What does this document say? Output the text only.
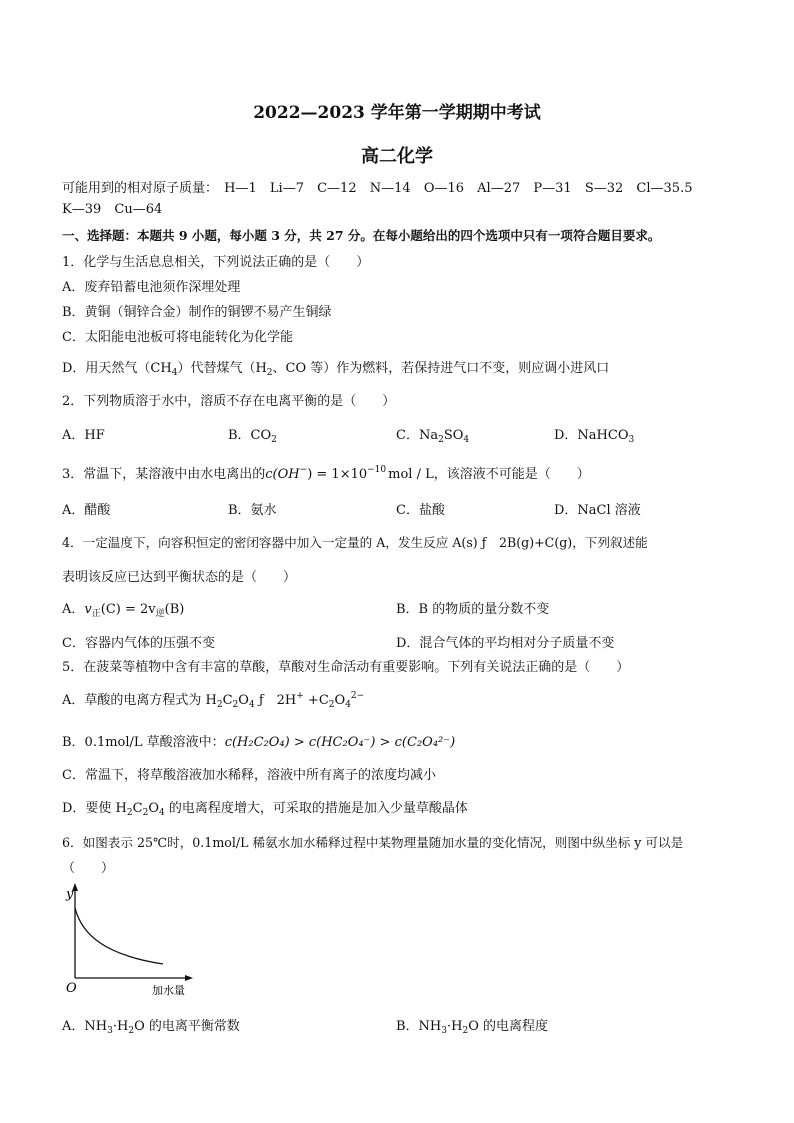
2022—2023 学年第一学期期中考试
高二化学
可能用到的相对原子质量： H—1 Li—7 C—12 N—14 O—16 Al—27 P—31 S—32 Cl—35.5
K—39 Cu—64
一、选择题：本题共 9 小题，每小题 3 分，共 27 分。在每小题给出的四个选项中只有一项符合题目要求。
1．化学与生活息息相关，下列说法正确的是（　　）
A．废弃铅蓄电池须作深埋处理
B．黄铜（铜锌合金）制作的铜锣不易产生铜绿
C．太阳能电池板可将电能转化为化学能
D．用天然气$(CH_4)$代替煤气（$H_2$、CO 等）作为燃料，若保持进气口不变，则应调小进风口
2．下列物质溶于水中，溶质不存在电离平衡的是（　　）
A．HF	B．$CO_2$	C．$Na_2SO_4$	D．NaHCO$_3$
3．常温下，某溶液中由水电离出的$c(OH^-) = 1\times 10^{-10}$ mol / L，该溶液不可能是（　　）
A．醋酸	B．氨水	C．盐酸	D．NaCl 溶液
4．一定温度下，向容积恒定的密闭容器中加入一定量的 A，发生反应 A(s) ƒ　2B(g)+C(g)，下列叙述能
表明该反应已达到平衡状态的是（　　）
A．$v_正(C) = 2v_逆(B)$	B．B 的物质的量分数不变
C．容器内气体的压强不变	D．混合气体的平均相对分子质量不变
5．在菠菜等植物中含有丰富的草酸，草酸对生命活动有重要影响。下列有关说法正确的是（　　）
A．草酸的电离方程式为 $H_2C_2O_4$ ƒ　$2H^+ +C_2O_4^{2-}$
B．0.1mol/L 草酸溶液中：c(H₂C₂O₄) > c(HC₂O₄⁻) > c(C₂O₄²⁻)
C．常温下，将草酸溶液加水稀释，溶液中所有离子的浓度均减小
D．要使 $H_2C_2O_4$ 的电离程度增大，可采取的措施是加入少量草酸晶体
6．如图表示 25℃时，0.1mol/L 稀氨水加水稀释过程中某物理量随加水量的变化情况，则图中纵坐标 y 可以是
（　　）
y
O	加水量
A．$NH_3\cdot H_2O$ 的电离平衡常数	B．$NH_3\cdot H_2O$ 的电离程度
